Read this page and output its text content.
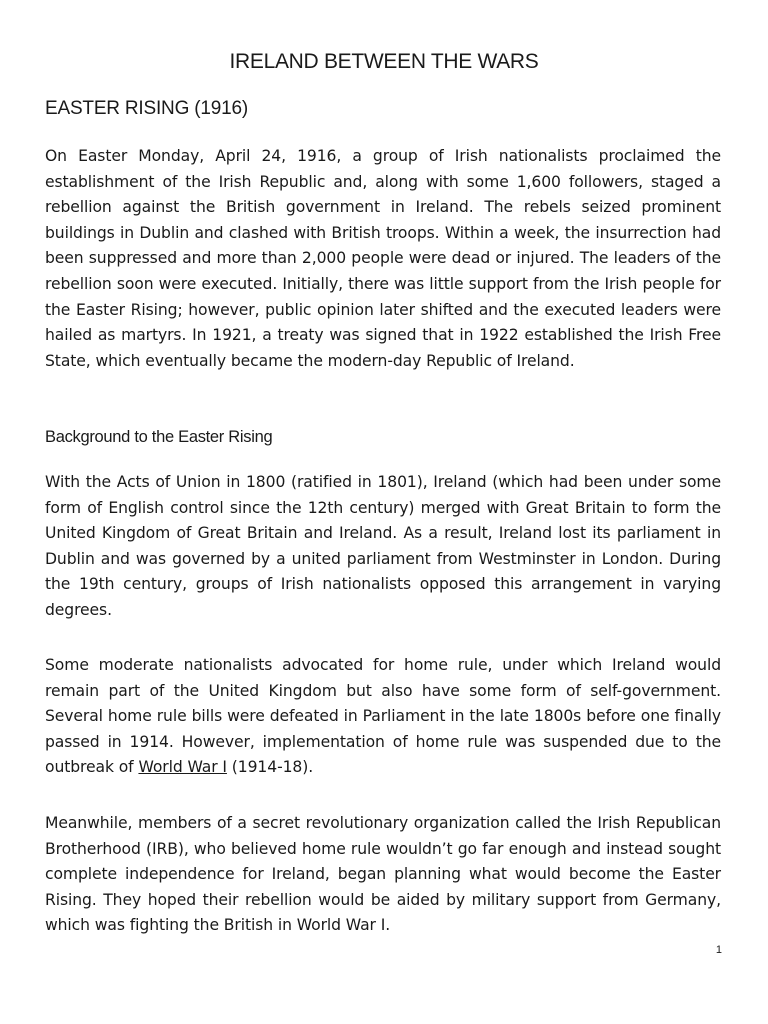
IRELAND BETWEEN THE WARS
EASTER RISING (1916)

On Easter Monday, April 24, 1916, a group of Irish nationalists proclaimed the establishment of the Irish Republic and, along with some 1,600 followers, staged a rebellion against the British government in Ireland. The rebels seized prominent buildings in Dublin and clashed with British troops. Within a week, the insurrection had been suppressed and more than 2,000 people were dead or injured. The leaders of the rebellion soon were executed. Initially, there was little support from the Irish people for the Easter Rising; however, public opinion later shifted and the executed leaders were hailed as martyrs. In 1921, a treaty was signed that in 1922 established the Irish Free State, which eventually became the modern-day Republic of Ireland.

Background to the Easter Rising

With the Acts of Union in 1800 (ratified in 1801), Ireland (which had been under some form of English control since the 12th century) merged with Great Britain to form the United Kingdom of Great Britain and Ireland. As a result, Ireland lost its parliament in Dublin and was governed by a united parliament from Westminster in London. During the 19th century, groups of Irish nationalists opposed this arrangement in varying degrees.

Some moderate nationalists advocated for home rule, under which Ireland would remain part of the United Kingdom but also have some form of self-government. Several home rule bills were defeated in Parliament in the late 1800s before one finally passed in 1914. However, implementation of home rule was suspended due to the outbreak of World War I (1914-18).

Meanwhile, members of a secret revolutionary organization called the Irish Republican Brotherhood (IRB), who believed home rule wouldn’t go far enough and instead sought complete independence for Ireland, began planning what would become the Easter Rising. They hoped their rebellion would be aided by military support from Germany, which was fighting the British in World War I.

1
